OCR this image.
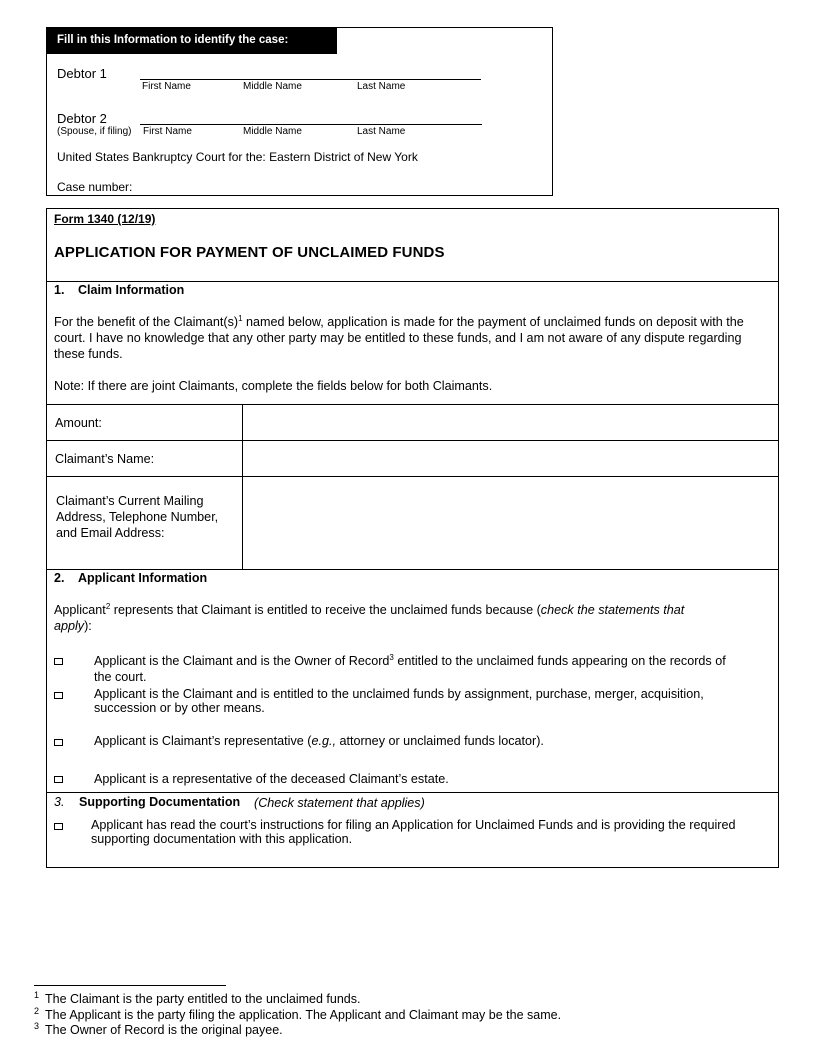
Fill in this Information to identify the case:
Debtor 1
First Name	Middle Name	Last Name
Debtor 2
(Spouse, if filing) First Name	Middle Name	Last Name
United States Bankruptcy Court for the: Eastern District of New York
Case number:
Form 1340 (12/19)
APPLICATION FOR PAYMENT OF UNCLAIMED FUNDS
1. Claim Information
For the benefit of the $Claimant(s)^1$ named below, application is made for the payment of unclaimed funds on deposit with the court. I have no knowledge that any other party may be entitled to these funds, and I am not aware of any dispute regarding these funds.
Note: If there are joint Claimants, complete the fields below for both Claimants.
Amount:
Claimant’s Name:
Claimant’s Current Mailing
Address, Telephone Number,
and Email Address:
2. Applicant Information
Applicant$^2$ represents that Claimant is entitled to receive the unclaimed funds because (check the statements that
apply):
Applicant is the Claimant and is the Owner of Record$^3$ entitled to the unclaimed funds appearing on the records of
the court.
Applicant is the Claimant and is entitled to the unclaimed funds by assignment, purchase, merger, acquisition,
succession or by other means.
Applicant is Claimant’s representative (e.g., attorney or unclaimed funds locator).
Applicant is a representative of the deceased Claimant’s estate.
3. Supporting Documentation (Check statement that applies)
Applicant has read the court’s instructions for filing an Application for Unclaimed Funds and is providing the required
supporting documentation with this application.
1 The Claimant is the party entitled to the unclaimed funds.
2 The Applicant is the party filing the application. The Applicant and Claimant may be the same.
3 The Owner of Record is the original payee.
